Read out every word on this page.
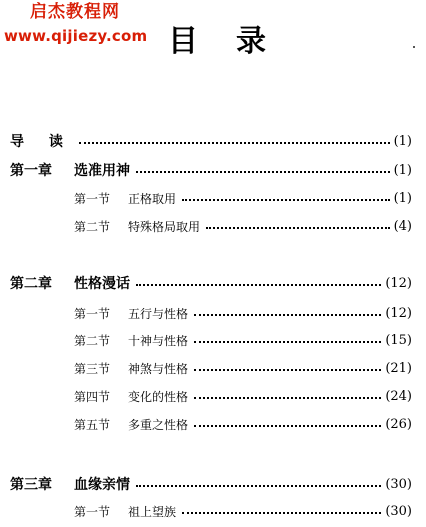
启杰教程网
www.qijiezy.com 目录
导 读	(1)
第一章	选准用神	(1)
第一节	正格取用	(1)
第二节	特殊格局取用	(4)
第二章	性格漫话	(12)
第一节	五行与性格	(12)
第二节	十神与性格	(15)
第三节	神煞与性格	(21)
第四节	变化的性格	(24)
第五节	多重之性格	(26)
第三章	血缘亲情	(30)
第一节	祖上望族	(30)
